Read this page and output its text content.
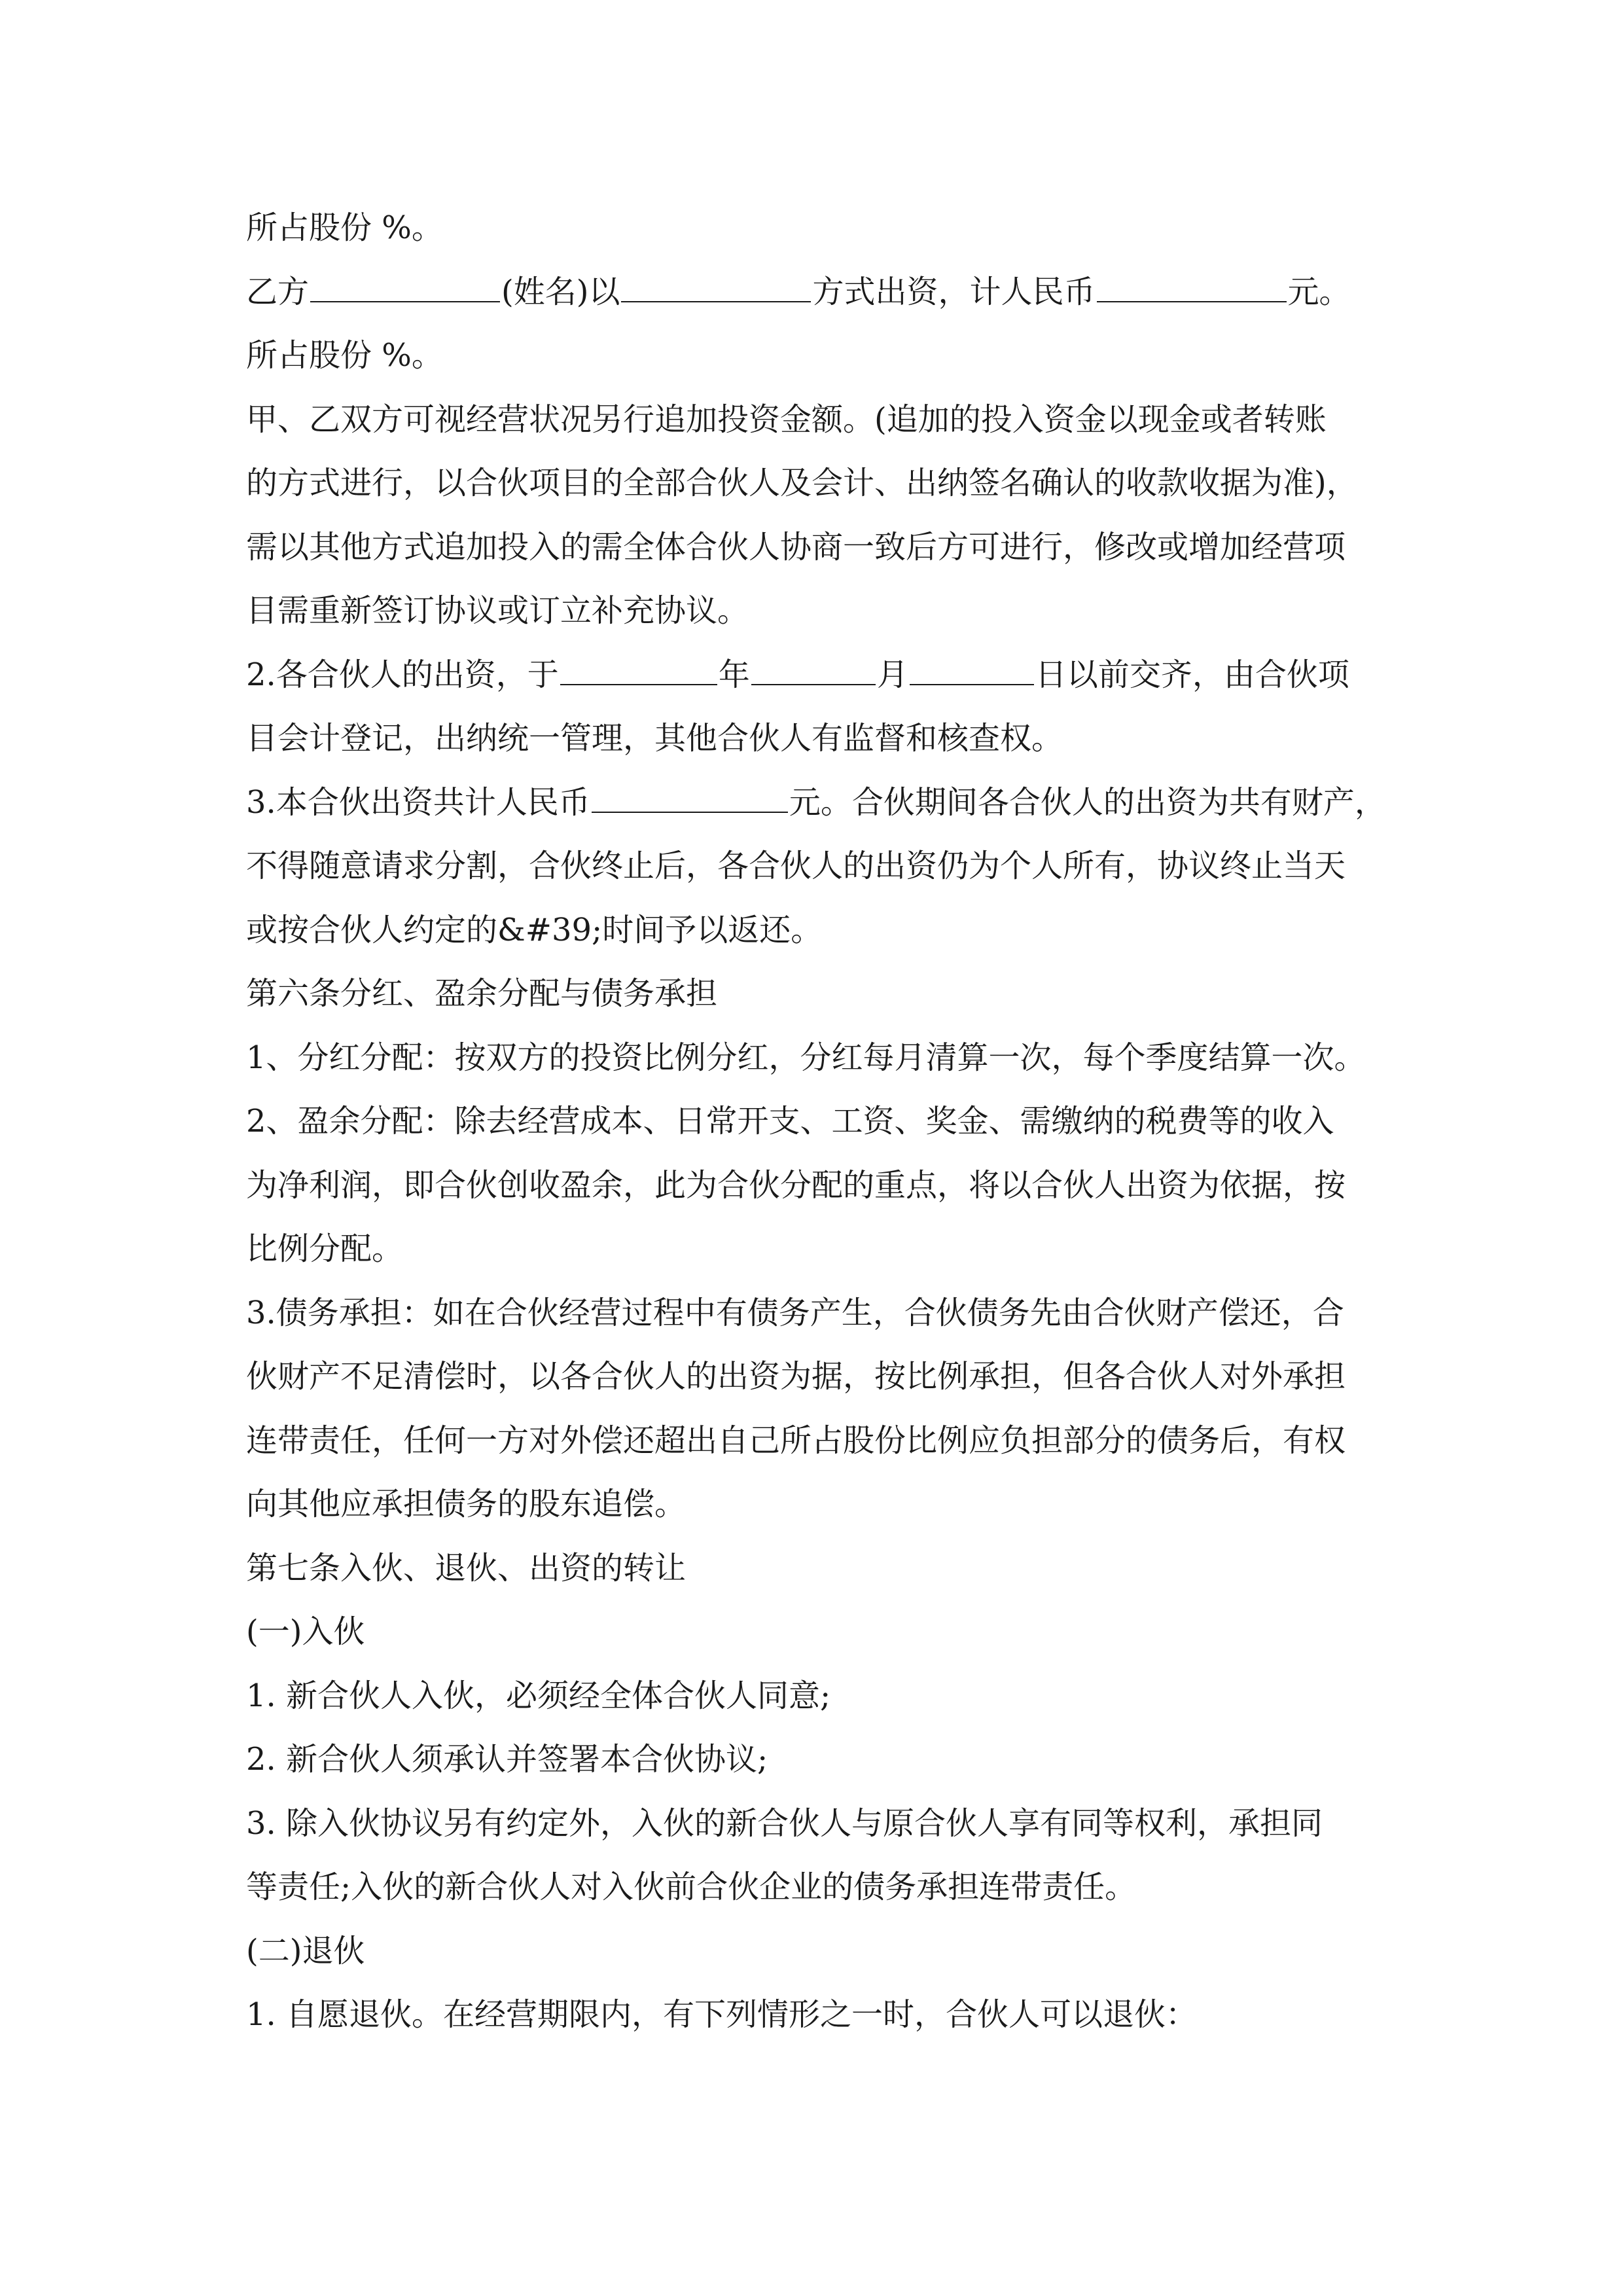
所占股份 %。
乙方	(姓名)以	方式出资，计人民币	元。
所占股份 %。
甲、乙双方可视经营状况另行追加投资金额。(追加的投入资金以现金或者转账
的方式进行，以合伙项目的全部合伙人及会计、出纳签名确认的收款收据为准)，
需以其他方式追加投入的需全体合伙人协商一致后方可进行，修改或增加经营项
目需重新签订协议或订立补充协议。
2.各合伙人的出资，于	年	月	日以前交齐，由合伙项
目会计登记，出纳统一管理，其他合伙人有监督和核查权。
3.本合伙出资共计人民币	元。合伙期间各合伙人的出资为共有财产，
不得随意请求分割，合伙终止后，各合伙人的出资仍为个人所有，协议终止当天
或按合伙人约定的&#39;时间予以返还。
第六条分红、盈余分配与债务承担
1、分红分配：按双方的投资比例分红，分红每月清算一次，每个季度结算一次。
2、盈余分配：除去经营成本、日常开支、工资、奖金、需缴纳的税费等的收入
为净利润，即合伙创收盈余，此为合伙分配的重点，将以合伙人出资为依据，按
比例分配。
3.债务承担：如在合伙经营过程中有债务产生，合伙债务先由合伙财产偿还，合
伙财产不足清偿时，以各合伙人的出资为据，按比例承担，但各合伙人对外承担
连带责任，任何一方对外偿还超出自己所占股份比例应负担部分的债务后，有权
向其他应承担债务的股东追偿。
第七条入伙、退伙、出资的转让
(一)入伙
1. 新合伙人入伙，必须经全体合伙人同意;
2. 新合伙人须承认并签署本合伙协议;
3. 除入伙协议另有约定外，入伙的新合伙人与原合伙人享有同等权利，承担同
等责任;入伙的新合伙人对入伙前合伙企业的债务承担连带责任。
(二)退伙
1. 自愿退伙。在经营期限内，有下列情形之一时，合伙人可以退伙：
